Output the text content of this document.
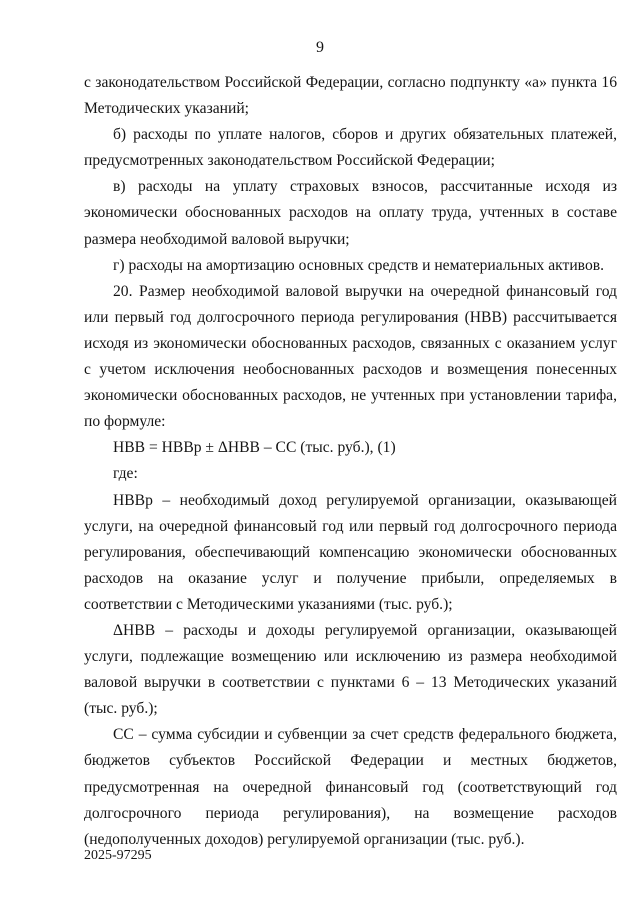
9

с законодательством Российской Федерации, согласно подпункту «а» пункта 16 Методических указаний;

б) расходы по уплате налогов, сборов и других обязательных платежей, предусмотренных законодательством Российской Федерации;

в) расходы на уплату страховых взносов, рассчитанные исходя из экономически обоснованных расходов на оплату труда, учтенных в составе размера необходимой валовой выручки;

г) расходы на амортизацию основных средств и нематериальных активов.

20. Размер необходимой валовой выручки на очередной финансовый год или первый год долгосрочного периода регулирования (НВВ) рассчитывается исходя из экономически обоснованных расходов, связанных с оказанием услуг с учетом исключения необоснованных расходов и возмещения понесенных экономически обоснованных расходов, не учтенных при установлении тарифа, по формуле:

НВВ = НВВр ± ΔНВВ – СС (тыс. руб.), (1)

где:

НВВр – необходимый доход регулируемой организации, оказывающей услуги, на очередной финансовый год или первый год долгосрочного периода регулирования, обеспечивающий компенсацию экономически обоснованных расходов на оказание услуг и получение прибыли, определяемых в соответствии с Методическими указаниями (тыс. руб.);

ΔНВВ – расходы и доходы регулируемой организации, оказывающей услуги, подлежащие возмещению или исключению из размера необходимой валовой выручки в соответствии с пунктами 6 – 13 Методических указаний (тыс. руб.);

СС – сумма субсидии и субвенции за счет средств федерального бюджета, бюджетов субъектов Российской Федерации и местных бюджетов, предусмотренная на очередной финансовый год (соответствующий год долгосрочного периода регулирования), на возмещение расходов (недополученных доходов) регулируемой организации (тыс. руб.).

2025-97295
